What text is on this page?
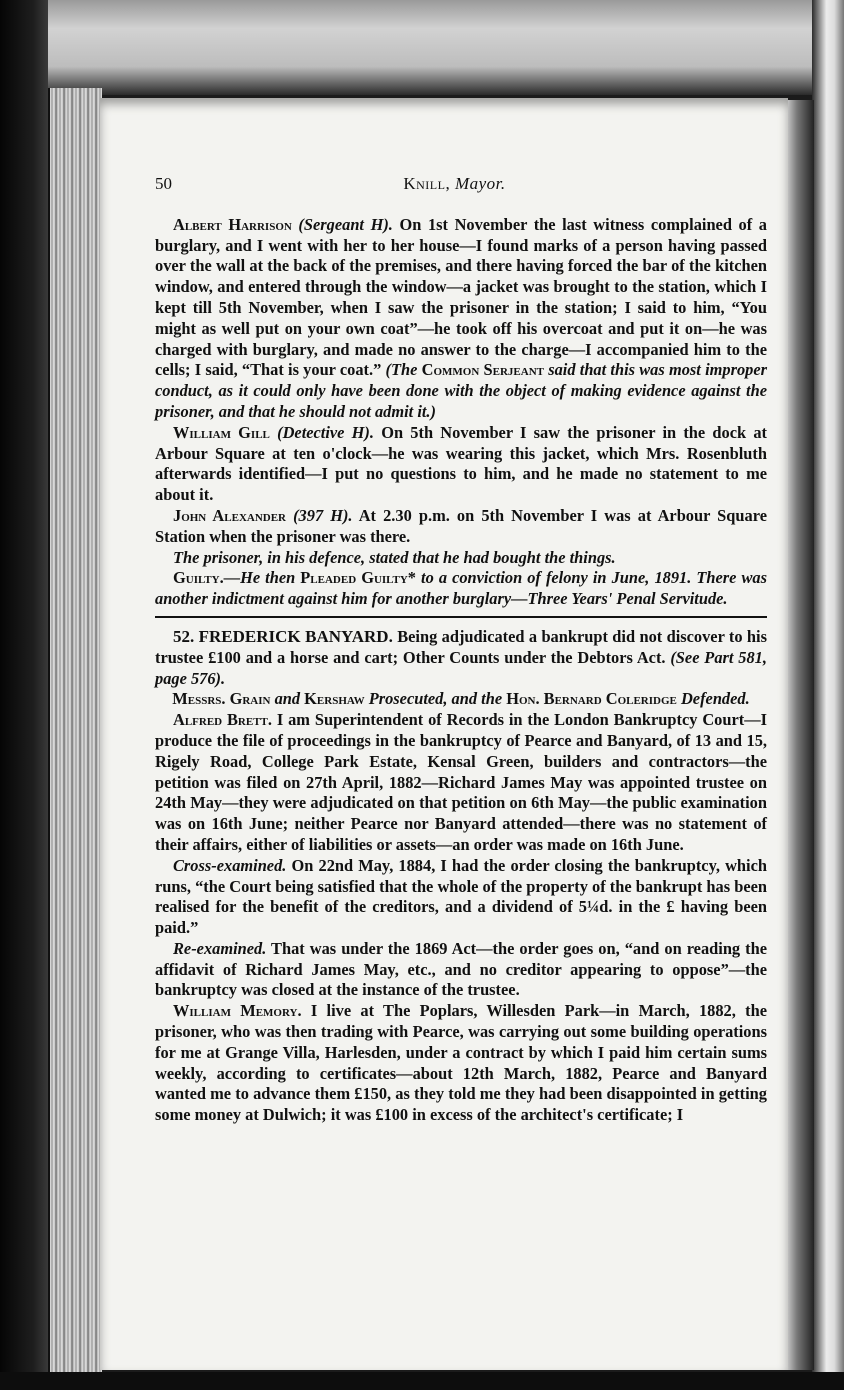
50	Knill, Mayor.

Albert Harrison (Sergeant H). On 1st November the last witness complained of a burglary, and I went with her to her house—I found marks of a person having passed over the wall at the back of the premises, and there having forced the bar of the kitchen window, and entered through the window—a jacket was brought to the station, which I kept till 5th November, when I saw the prisoner in the station; I said to him, “You might as well put on your own coat”—he took off his overcoat and put it on—he was charged with burglary, and made no answer to the charge—I accompanied him to the cells; I said, “That is your coat.” (The Common Serjeant said that this was most improper conduct, as it could only have been done with the object of making evidence against the prisoner, and that he should not admit it.)

William Gill (Detective H). On 5th November I saw the prisoner in the dock at Arbour Square at ten o'clock—he was wearing this jacket, which Mrs. Rosenbluth afterwards identified—I put no questions to him, and he made no statement to me about it.

John Alexander (397 H). At 2.30 p.m. on 5th November I was at Arbour Square Station when the prisoner was there.

The prisoner, in his defence, stated that he had bought the things.

Guilty.—He then Pleaded Guilty* to a conviction of felony in June, 1891. There was another indictment against him for another burglary—Three Years' Penal Servitude.

52. FREDERICK BANYARD. Being adjudicated a bankrupt did not discover to his trustee £100 and a horse and cart; Other Counts under the Debtors Act. (See Part 581, page 576).

Messrs. Grain and Kershaw Prosecuted, and the Hon. Bernard Coleridge Defended.

Alfred Brett. I am Superintendent of Records in the London Bankruptcy Court—I produce the file of proceedings in the bankruptcy of Pearce and Banyard, of 13 and 15, Rigely Road, College Park Estate, Kensal Green, builders and contractors—the petition was filed on 27th April, 1882—Richard James May was appointed trustee on 24th May—they were adjudicated on that petition on 6th May—the public examination was on 16th June; neither Pearce nor Banyard attended—there was no statement of their affairs, either of liabilities or assets—an order was made on 16th June.

Cross-examined. On 22nd May, 1884, I had the order closing the bankruptcy, which runs, “the Court being satisfied that the whole of the property of the bankrupt has been realised for the benefit of the creditors, and a dividend of 5¼d. in the £ having been paid.”

Re-examined. That was under the 1869 Act—the order goes on, “and on reading the affidavit of Richard James May, etc., and no creditor appearing to oppose”—the bankruptcy was closed at the instance of the trustee.

William Memory. I live at The Poplars, Willesden Park—in March, 1882, the prisoner, who was then trading with Pearce, was carrying out some building operations for me at Grange Villa, Harlesden, under a contract by which I paid him certain sums weekly, according to certificates—about 12th March, 1882, Pearce and Banyard wanted me to advance them £150, as they told me they had been disappointed in getting some money at Dulwich; it was £100 in excess of the architect's certificate; I
